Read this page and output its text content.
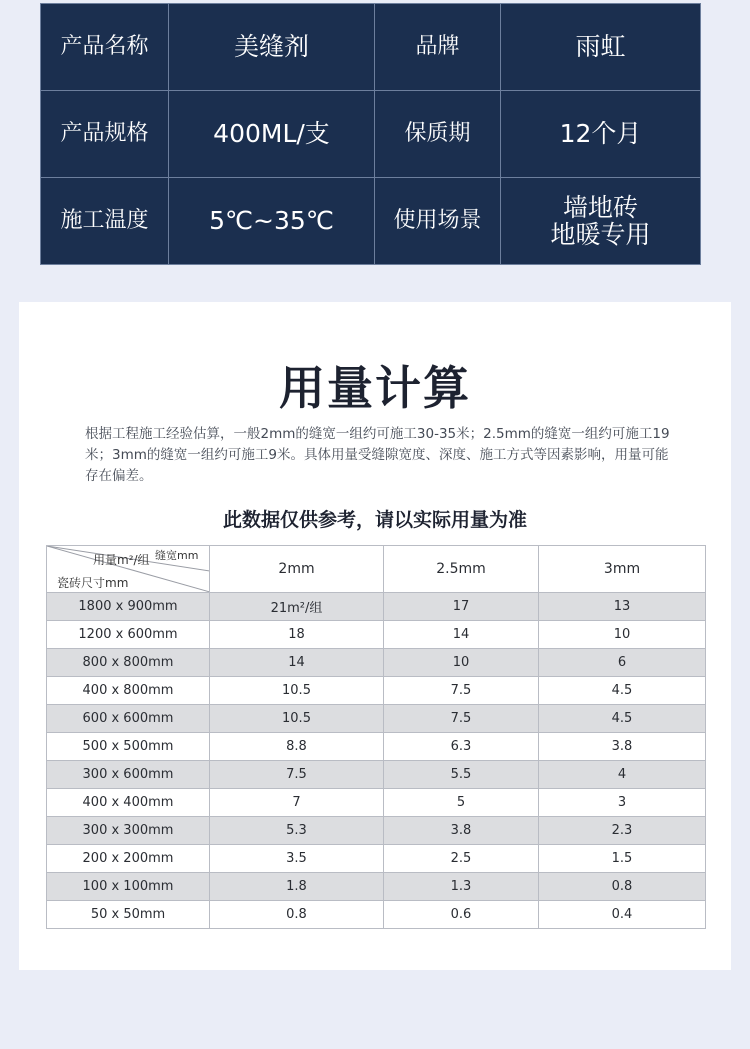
产品名称	美缝剂	品牌	雨虹
产品规格	400ML/支	保质期	12个月
施工温度	5℃~35℃	使用场景	墙地砖
地暖专用
用量计算

根据工程施工经验估算，一般2mm的缝宽一组约可施工30-35米；2.5mm的缝宽一组约可施工19米；3mm的缝宽一组约可施工9米。具体用量受缝隙宽度、深度、施工方式等因素影响，用量可能存在偏差。

此数据仅供参考，请以实际用量为准
用量m²/组 缝宽mm
瓷砖尺寸mm	2mm	2.5mm	3mm
1800 x 900mm	21m²/组	17	13
1200 x 600mm	18	14	10
800 x 800mm	14	10	6
400 x 800mm	10.5	7.5	4.5
600 x 600mm	10.5	7.5	4.5
500 x 500mm	8.8	6.3	3.8
300 x 600mm	7.5	5.5	4
400 x 400mm	7	5	3
300 x 300mm	5.3	3.8	2.3
200 x 200mm	3.5	2.5	1.5
100 x 100mm	1.8	1.3	0.8
50 x 50mm	0.8	0.6	0.4
